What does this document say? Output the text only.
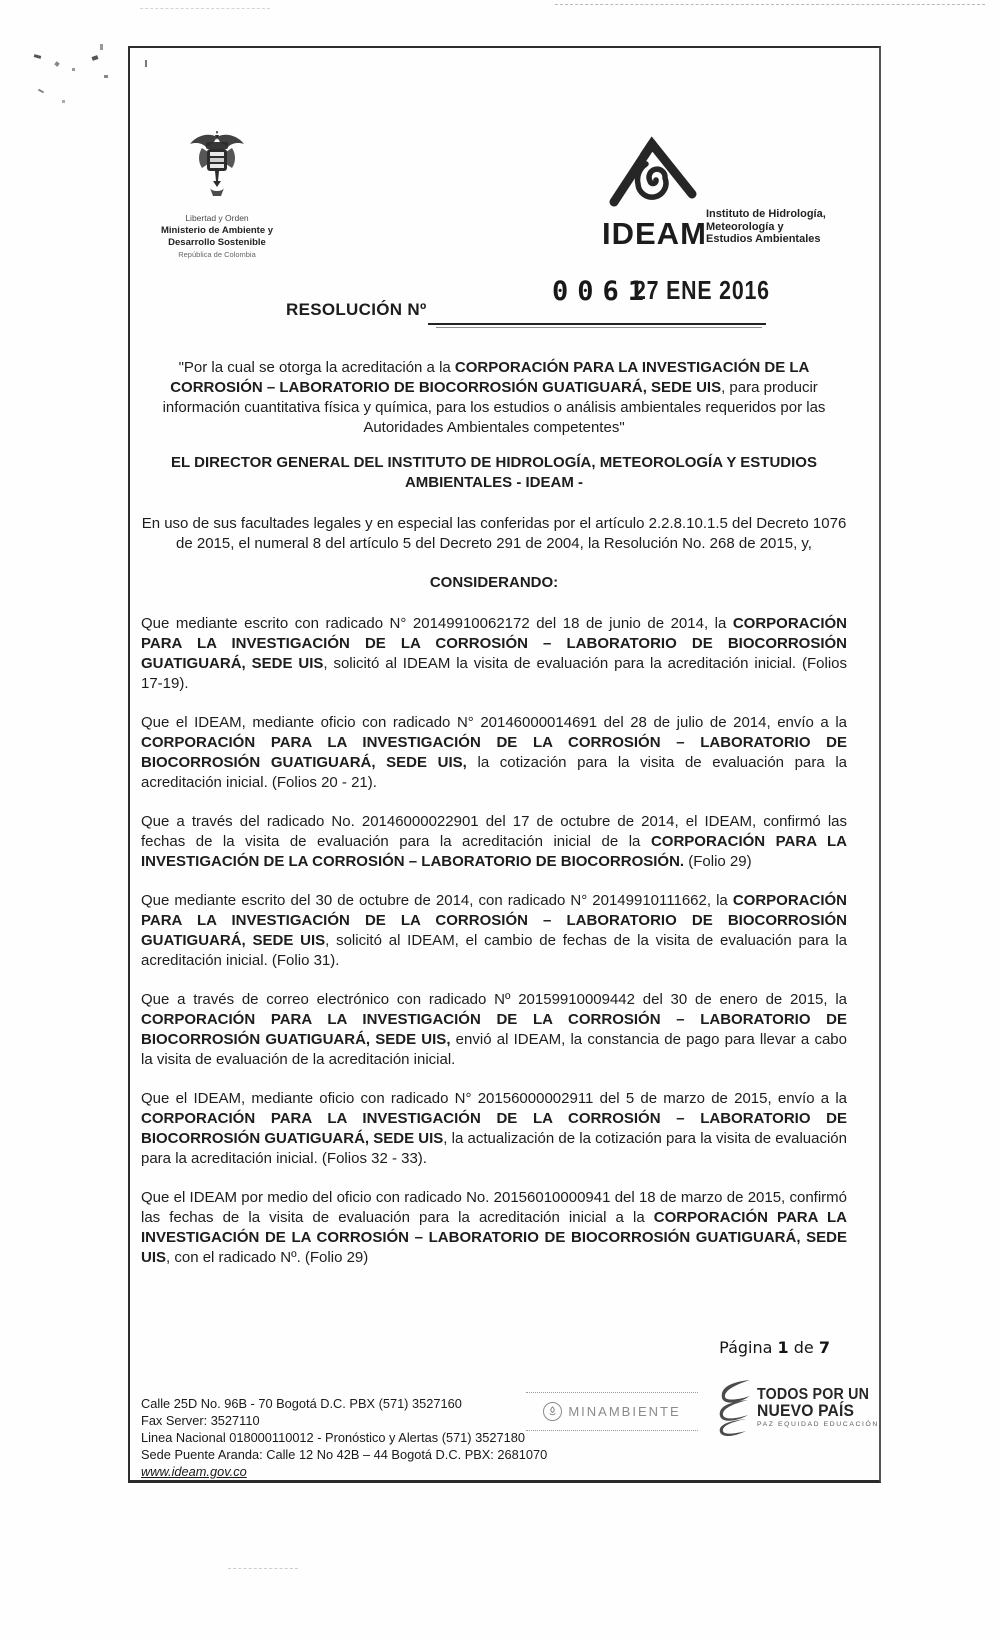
Libertad y Orden
Ministerio de Ambiente y
Desarrollo Sostenible
República de Colombia
IDEAM
Instituto de Hidrología,
Meteorología y
Estudios Ambientales
RESOLUCIÓN Nº
0061
27 ENE 2016

"Por la cual se otorga la acreditación a la CORPORACIÓN PARA LA INVESTIGACIÓN DE LA CORROSIÓN – LABORATORIO DE BIOCORROSIÓN GUATIGUARÁ, SEDE UIS, para producir información cuantitativa física y química, para los estudios o análisis ambientales requeridos por las Autoridades Ambientales competentes"

EL DIRECTOR GENERAL DEL INSTITUTO DE HIDROLOGÍA, METEOROLOGÍA Y ESTUDIOS AMBIENTALES - IDEAM -

En uso de sus facultades legales y en especial las conferidas por el artículo 2.2.8.10.1.5 del Decreto 1076 de 2015, el numeral 8 del artículo 5 del Decreto 291 de 2004, la Resolución No. 268 de 2015, y,

CONSIDERANDO:

Que mediante escrito con radicado N° 20149910062172 del 18 de junio de 2014, la CORPORACIÓN PARA LA INVESTIGACIÓN DE LA CORROSIÓN – LABORATORIO DE BIOCORROSIÓN GUATIGUARÁ, SEDE UIS, solicitó al IDEAM la visita de evaluación para la acreditación inicial. (Folios 17-19).

Que el IDEAM, mediante oficio con radicado N° 20146000014691 del 28 de julio de 2014, envío a la CORPORACIÓN PARA LA INVESTIGACIÓN DE LA CORROSIÓN – LABORATORIO DE BIOCORROSIÓN GUATIGUARÁ, SEDE UIS, la cotización para la visita de evaluación para la acreditación inicial. (Folios 20 - 21).

Que a través del radicado No. 20146000022901 del 17 de octubre de 2014, el IDEAM, confirmó las fechas de la visita de evaluación para la acreditación inicial de la CORPORACIÓN PARA LA INVESTIGACIÓN DE LA CORROSIÓN – LABORATORIO DE BIOCORROSIÓN. (Folio 29)

Que mediante escrito del 30 de octubre de 2014, con radicado N° 20149910111662, la CORPORACIÓN PARA LA INVESTIGACIÓN DE LA CORROSIÓN – LABORATORIO DE BIOCORROSIÓN GUATIGUARÁ, SEDE UIS, solicitó al IDEAM, el cambio de fechas de la visita de evaluación para la acreditación inicial. (Folio 31).

Que a través de correo electrónico con radicado Nº 20159910009442 del 30 de enero de 2015, la CORPORACIÓN PARA LA INVESTIGACIÓN DE LA CORROSIÓN – LABORATORIO DE BIOCORROSIÓN GUATIGUARÁ, SEDE UIS, envió al IDEAM, la constancia de pago para llevar a cabo la visita de evaluación de la acreditación inicial.

Que el IDEAM, mediante oficio con radicado N° 20156000002911 del 5 de marzo de 2015, envío a la CORPORACIÓN PARA LA INVESTIGACIÓN DE LA CORROSIÓN – LABORATORIO DE BIOCORROSIÓN GUATIGUARÁ, SEDE UIS, la actualización de la cotización para la visita de evaluación para la acreditación inicial. (Folios 32 - 33).

Que el IDEAM por medio del oficio con radicado No. 20156010000941 del 18 de marzo de 2015, confirmó las fechas de la visita de evaluación para la acreditación inicial a la CORPORACIÓN PARA LA INVESTIGACIÓN DE LA CORROSIÓN – LABORATORIO DE BIOCORROSIÓN GUATIGUARÁ, SEDE UIS, con el radicado Nº. (Folio 29)

Página 1 de 7
Calle 25D No. 96B - 70 Bogotá D.C. PBX (571) 3527160
Fax Server: 3527110
Linea Nacional 018000110012 - Pronóstico y Alertas (571) 3527180
Sede Puente Aranda: Calle 12 No 42B – 44 Bogotá D.C. PBX: 2681070
www.ideam.gov.co
MINAMBIENTE
TODOS POR UN
NUEVO PAÍS
PAZ EQUIDAD EDUCACIÓN
